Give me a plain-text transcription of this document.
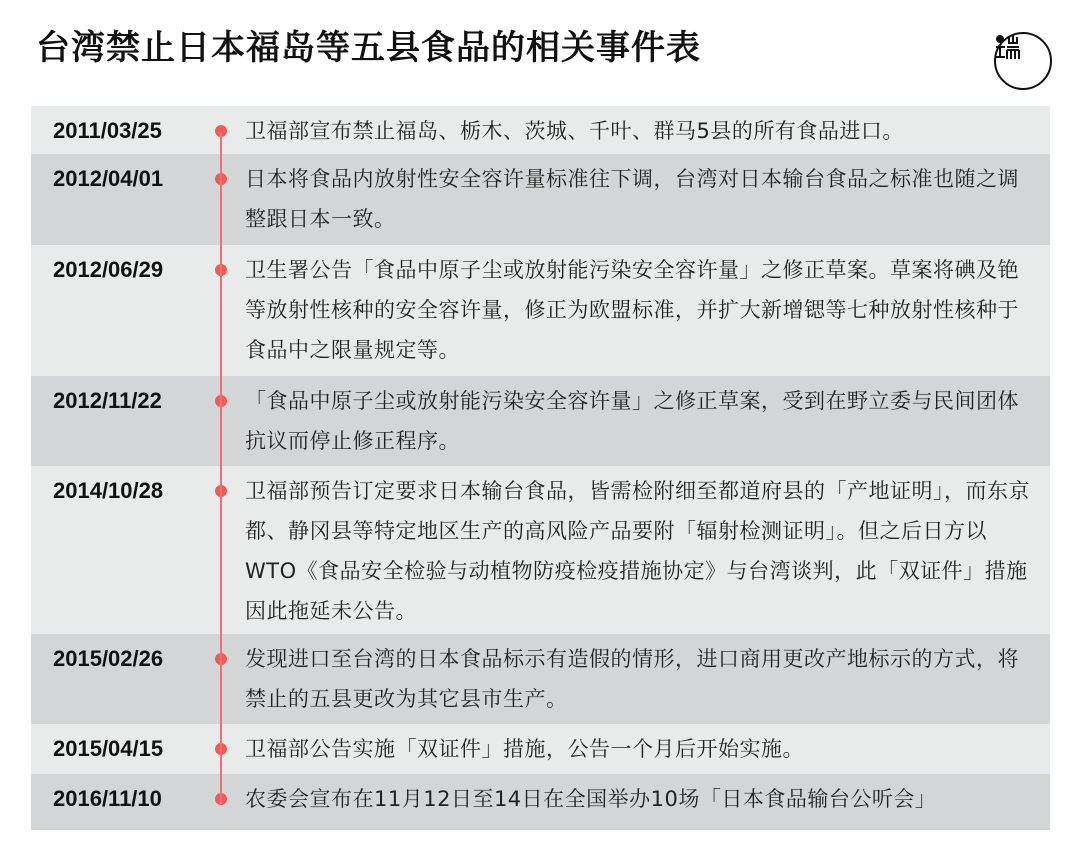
台湾禁止日本福岛等五县食品的相关事件表
2011/03/25	卫福部宣布禁止福岛、栃木、茨城、千叶、群马5县的所有食品进口。
2012/04/01	日本将食品内放射性安全容许量标准往下调，台湾对日本输台食品之标准也随之调整跟日本一致。
2012/06/29	卫生署公告「食品中原子尘或放射能污染安全容许量」之修正草案。草案将碘及铯等放射性核种的安全容许量，修正为欧盟标准，并扩大新增锶等七种放射性核种于食品中之限量规定等。
2012/11/22	「食品中原子尘或放射能污染安全容许量」之修正草案，受到在野立委与民间团体抗议而停止修正程序。
2014/10/28	卫福部预告订定要求日本输台食品，皆需检附细至都道府县的「产地证明」，而东京都、静冈县等特定地区生产的高风险产品要附「辐射检测证明」。但之后日方以WTO《食品安全检验与动植物防疫检疫措施协定》与台湾谈判，此「双证件」措施因此拖延未公告。
2015/02/26	发现进口至台湾的日本食品标示有造假的情形，进口商用更改产地标示的方式，将禁止的五县更改为其它县市生产。
2015/04/15	卫福部公告实施「双证件」措施，公告一个月后开始实施。
2016/11/10	农委会宣布在11月12日至14日在全国举办10场「日本食品输台公听会」
